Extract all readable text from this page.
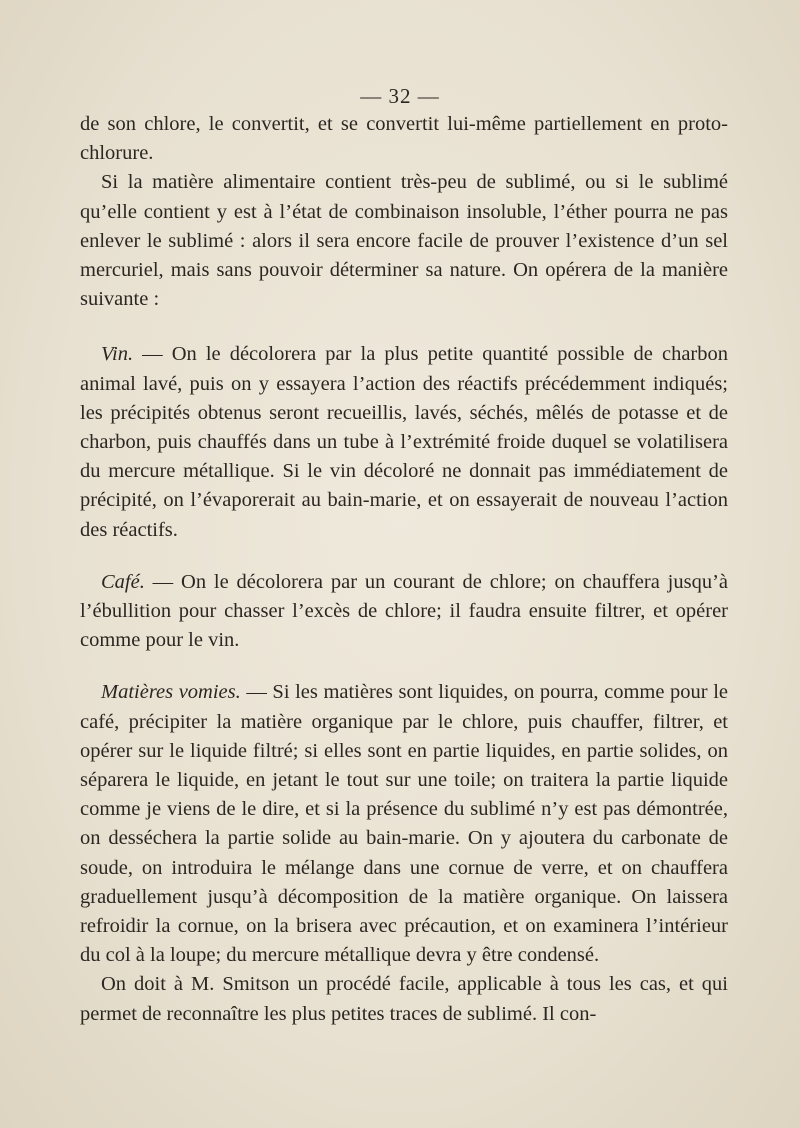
— 32 —

de son chlore, le convertit, et se convertit lui-même partiellement en proto-chlorure.

Si la matière alimentaire contient très-peu de sublimé, ou si le sublimé qu’elle contient y est à l’état de combinaison insoluble, l’éther pourra ne pas enlever le sublimé : alors il sera encore facile de prouver l’existence d’un sel mercuriel, mais sans pouvoir déterminer sa nature. On opérera de la manière suivante :

Vin. — On le décolorera par la plus petite quantité possible de charbon animal lavé, puis on y essayera l’action des réactifs précédemment indiqués; les précipités obtenus seront recueillis, lavés, séchés, mêlés de potasse et de charbon, puis chauffés dans un tube à l’extrémité froide duquel se volatilisera du mercure métallique. Si le vin décoloré ne donnait pas immédiatement de précipité, on l’évaporerait au bain-marie, et on essayerait de nouveau l’action des réactifs.

Café. — On le décolorera par un courant de chlore; on chauffera jusqu’à l’ébullition pour chasser l’excès de chlore; il faudra ensuite filtrer, et opérer comme pour le vin.

Matières vomies. — Si les matières sont liquides, on pourra, comme pour le café, précipiter la matière organique par le chlore, puis chauffer, filtrer, et opérer sur le liquide filtré; si elles sont en partie liquides, en partie solides, on séparera le liquide, en jetant le tout sur une toile; on traitera la partie liquide comme je viens de le dire, et si la présence du sublimé n’y est pas démontrée, on desséchera la partie solide au bain-marie. On y ajoutera du carbonate de soude, on introduira le mélange dans une cornue de verre, et on chauffera graduellement jusqu’à décomposition de la matière organique. On laissera refroidir la cornue, on la brisera avec précaution, et on examinera l’intérieur du col à la loupe; du mercure métallique devra y être condensé.

On doit à M. Smitson un procédé facile, applicable à tous les cas, et qui permet de reconnaître les plus petites traces de sublimé. Il con-
